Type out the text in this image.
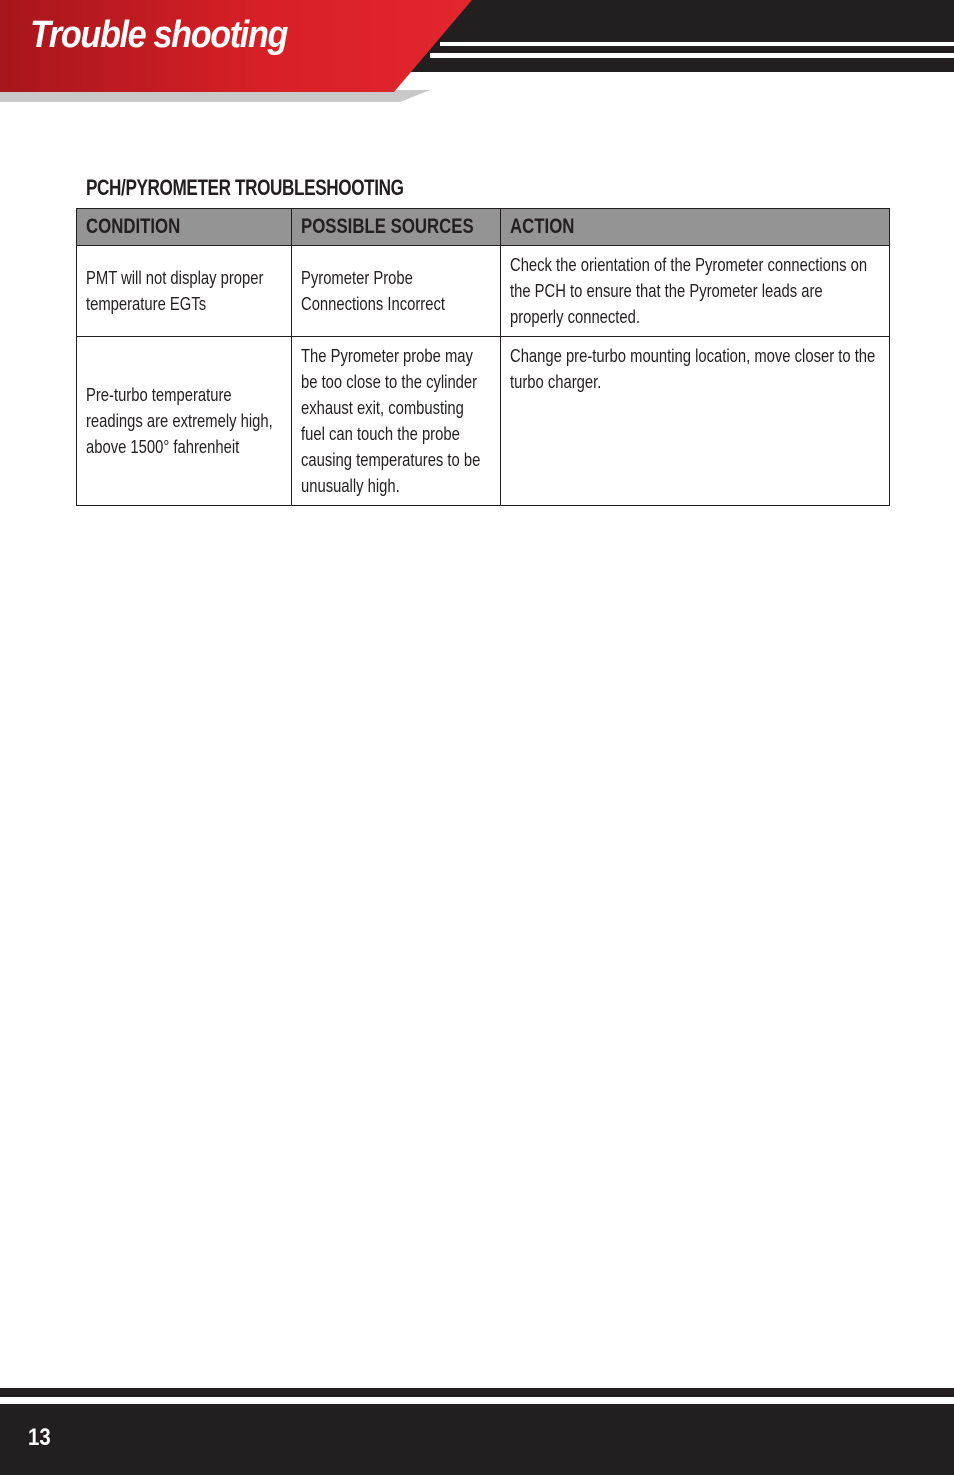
Trouble shooting
PCH/PYROMETER TROUBLESHOOTING
CONDITION	POSSIBLE SOURCES	ACTION

PMT will not display proper temperature EGTs	Pyrometer Probe Connections Incorrect	Check the orientation of the Pyrometer connections on the PCH to ensure that the Pyrometer leads are properly connected.

Pre-turbo temperature readings are extremely high, above 1500° fahrenheit	The Pyrometer probe may be too close to the cylinder exhaust exit, combusting fuel can touch the probe causing temperatures to be unusually high.	Change pre-turbo mounting location, move closer to the turbo charger.
13
